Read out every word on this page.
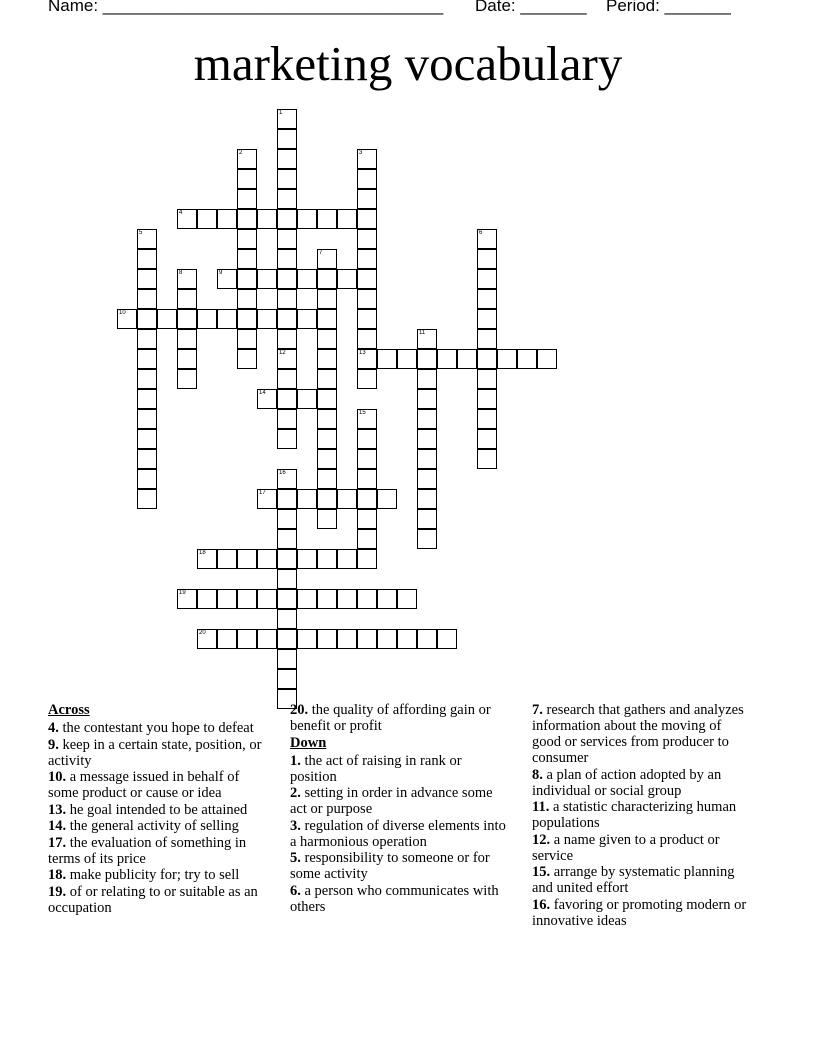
Name: ____________________________________ Date: _______ Period: _______
marketing vocabulary
1
12
2	3
13
4
5	6
7
8	9
10
11
14
15
16
17
18
19
20
Across
4. the contestant you hope to defeat
9. keep in a certain state, position, or activity
10. a message issued in behalf of some product or cause or idea
13. he goal intended to be attained
14. the general activity of selling
17. the evaluation of something in terms of its price
18. make publicity for; try to sell
19. of or relating to or suitable as an occupation
20. the quality of affording gain or benefit or profit
Down
1. the act of raising in rank or position
2. setting in order in advance some act or purpose
3. regulation of diverse elements into a harmonious operation
5. responsibility to someone or for some activity
6. a person who communicates with others
7. research that gathers and analyzes information about the moving of good or services from producer to consumer
8. a plan of action adopted by an individual or social group
11. a statistic characterizing human populations
12. a name given to a product or service
15. arrange by systematic planning and united effort
16. favoring or promoting modern or innovative ideas
